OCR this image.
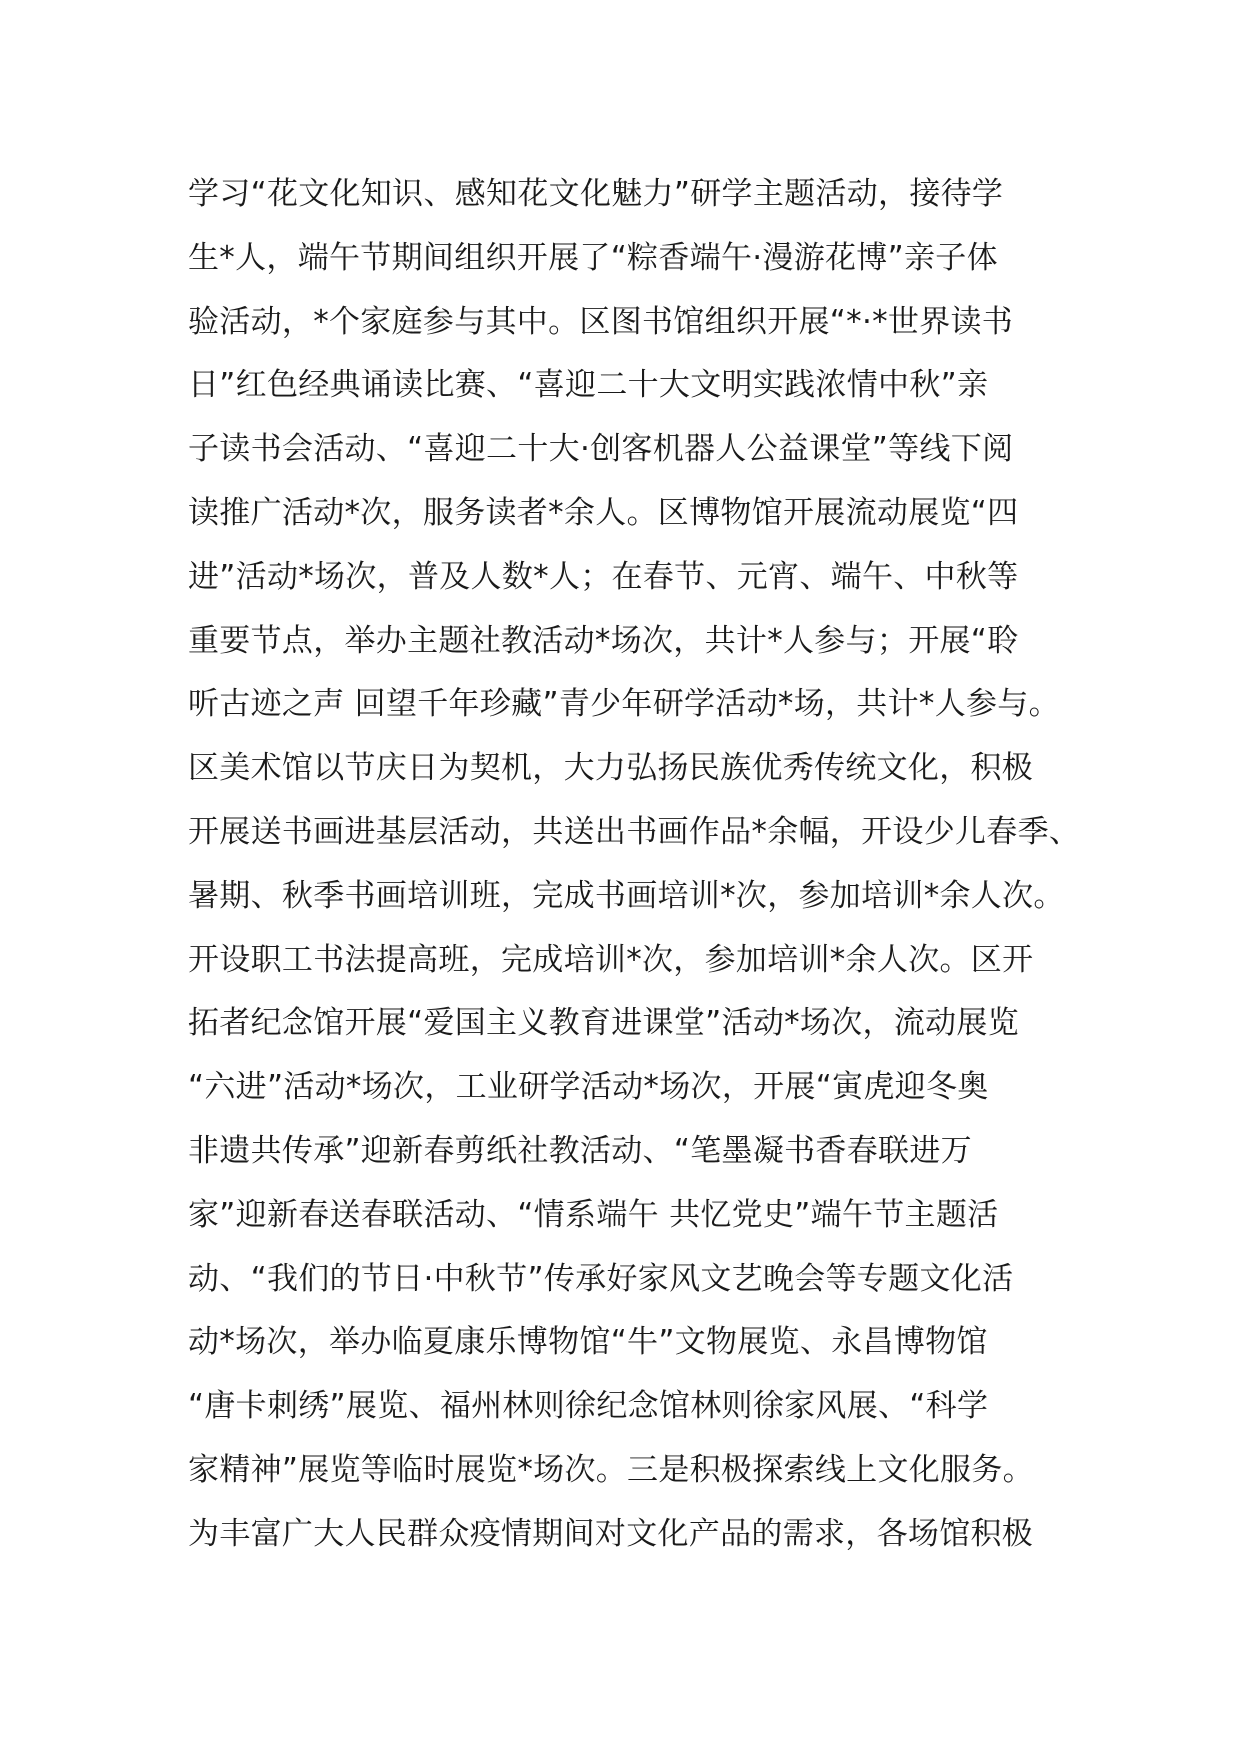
学习“花文化知识、感知花文化魅力”研学主题活动，接待学
生*人，端午节期间组织开展了“粽香端午·漫游花博”亲子体
验活动，*个家庭参与其中。区图书馆组织开展“*·*世界读书
日”红色经典诵读比赛、“喜迎二十大文明实践浓情中秋”亲
子读书会活动、“喜迎二十大·创客机器人公益课堂”等线下阅
读推广活动*次，服务读者*余人。区博物馆开展流动展览“四
进”活动*场次，普及人数*人；在春节、元宵、端午、中秋等
重要节点，举办主题社教活动*场次，共计*人参与；开展“聆
听古迹之声 回望千年珍藏”青少年研学活动*场，共计*人参与。
区美术馆以节庆日为契机，大力弘扬民族优秀传统文化，积极
开展送书画进基层活动，共送出书画作品*余幅，开设少儿春季、
暑期、秋季书画培训班，完成书画培训*次，参加培训*余人次。
开设职工书法提高班，完成培训*次，参加培训*余人次。区开
拓者纪念馆开展“爱国主义教育进课堂”活动*场次，流动展览
“六进”活动*场次，工业研学活动*场次，开展“寅虎迎冬奥
非遗共传承”迎新春剪纸社教活动、“笔墨凝书香春联进万
家”迎新春送春联活动、“情系端午 共忆党史”端午节主题活
动、“我们的节日·中秋节”传承好家风文艺晚会等专题文化活
动*场次，举办临夏康乐博物馆“牛”文物展览、永昌博物馆
“唐卡刺绣”展览、福州林则徐纪念馆林则徐家风展、“科学
家精神”展览等临时展览*场次。三是积极探索线上文化服务。
为丰富广大人民群众疫情期间对文化产品的需求，各场馆积极
